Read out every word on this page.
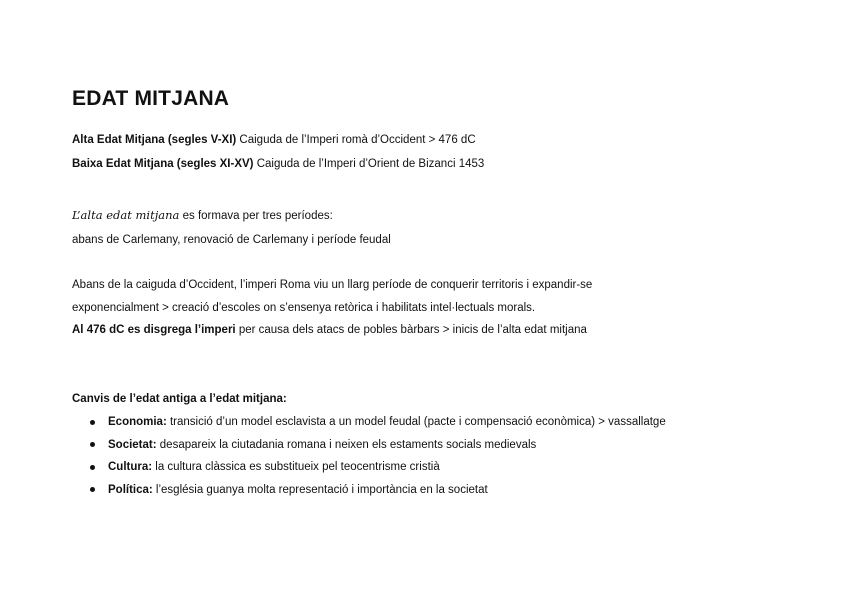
EDAT MITJANA

Alta Edat Mitjana (segles V-XI) Caiguda de l’Imperi romà d’Occident > 476 dC

Baixa Edat Mitjana (segles XI-XV) Caiguda de l’Imperi d’Orient de Bizanci 1453

L’alta edat mitjana es formava per tres períodes:

abans de Carlemany, renovació de Carlemany i període feudal

Abans de la caiguda d’Occident, l’imperi Roma viu un llarg període de conquerir territoris i expandir-se

exponencialment > creació d’escoles on s’ensenya retòrica i habilitats intel·lectuals morals.

Al 476 dC es disgrega l’imperi per causa dels atacs de pobles bàrbars > inicis de l’alta edat mitjana

Canvis de l’edat antiga a l’edat mitjana:

Economia: transició d’un model esclavista a un model feudal (pacte i compensació econòmica) > vassallatge
Societat: desapareix la ciutadania romana i neixen els estaments socials medievals
Cultura: la cultura clàssica es substitueix pel teocentrisme cristià
Política: l’església guanya molta representació i importància en la societat
